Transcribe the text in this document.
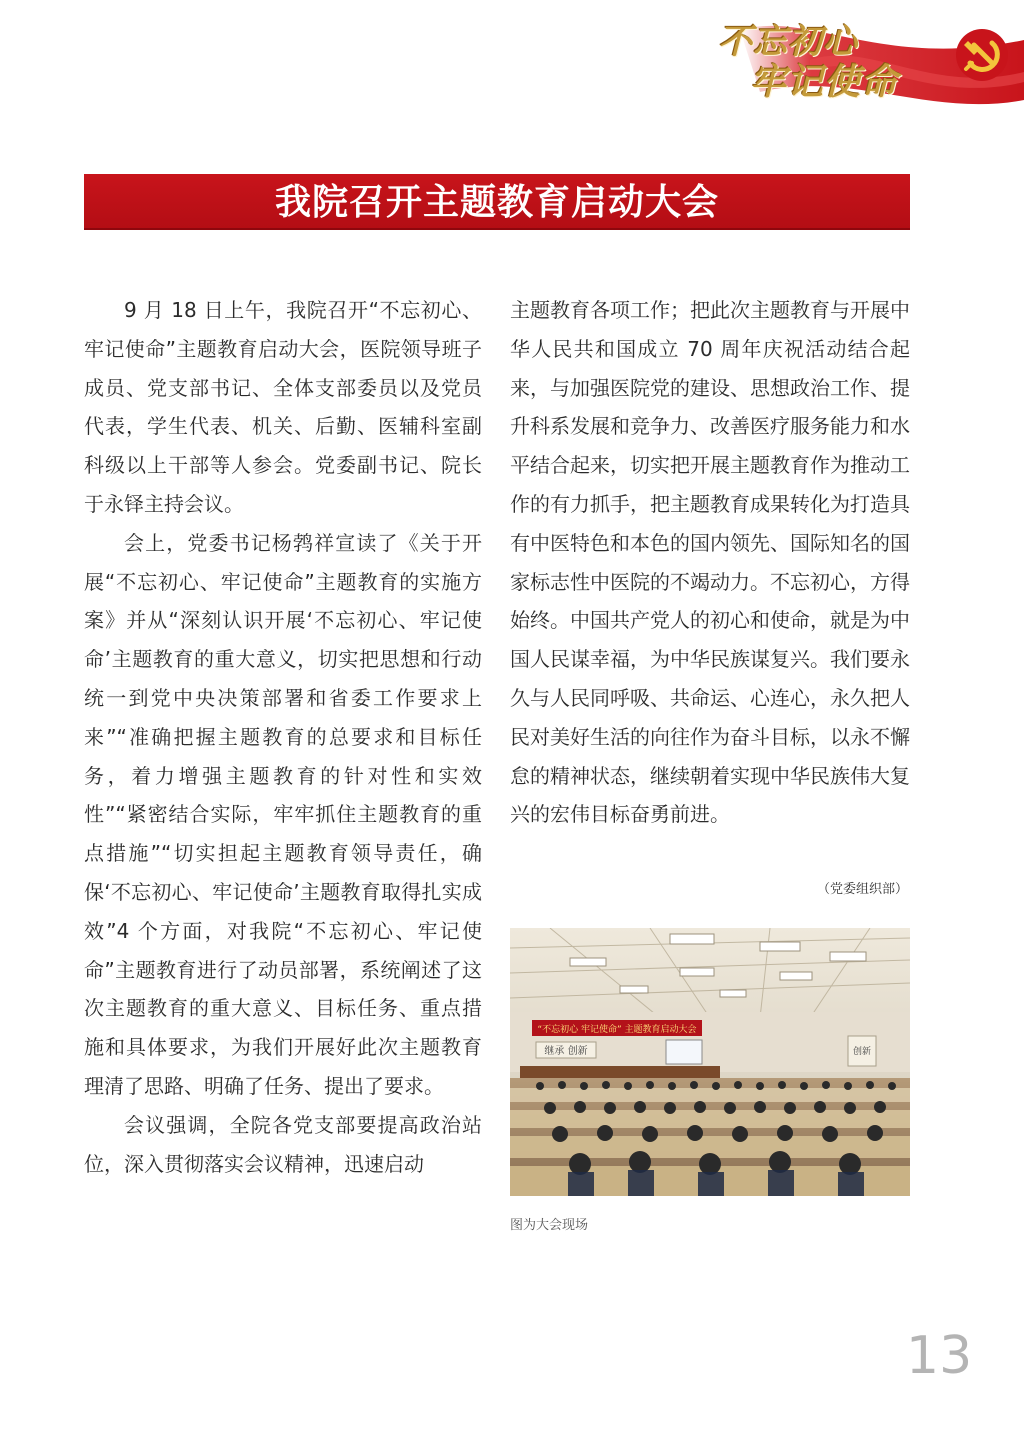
不忘初心
牢记使命
我院召开主题教育启动大会

9 月 18 日上午，我院召开“不忘初心、牢记使命”主题教育启动大会，医院领导班子成员、党支部书记、全体支部委员以及党员代表，学生代表、机关、后勤、医辅科室副科级以上干部等人参会。党委副书记、院长于永铎主持会议。

会上，党委书记杨鹁祥宣读了《关于开展“不忘初心、牢记使命”主题教育的实施方案》并从“深刻认识开展‘不忘初心、牢记使命’主题教育的重大意义，切实把思想和行动统一到党中央决策部署和省委工作要求上来”“准确把握主题教育的总要求和目标任务，着力增强主题教育的针对性和实效性”“紧密结合实际，牢牢抓住主题教育的重点措施”“切实担起主题教育领导责任，确保‘不忘初心、牢记使命’主题教育取得扎实成效”4 个方面，对我院“不忘初心、牢记使命”主题教育进行了动员部署，系统阐述了这次主题教育的重大意义、目标任务、重点措施和具体要求，为我们开展好此次主题教育理清了思路、明确了任务、提出了要求。

会议强调，全院各党支部要提高政治站位，深入贯彻落实会议精神，迅速启动

主题教育各项工作；把此次主题教育与开展中华人民共和国成立 70 周年庆祝活动结合起来，与加强医院党的建设、思想政治工作、提升科系发展和竞争力、改善医疗服务能力和水平结合起来，切实把开展主题教育作为推动工作的有力抓手，把主题教育成果转化为打造具有中医特色和本色的国内领先、国际知名的国家标志性中医院的不竭动力。不忘初心，方得始终。中国共产党人的初心和使命，就是为中国人民谋幸福，为中华民族谋复兴。我们要永久与人民同呼吸、共命运、心连心，永久把人民对美好生活的向往作为奋斗目标，以永不懈怠的精神状态，继续朝着实现中华民族伟大复兴的宏伟目标奋勇前进。

（党委组织部）
“不忘初心 牢记使命” 主题教育启动大会
继承 创新	创新
图为大会现场
13
